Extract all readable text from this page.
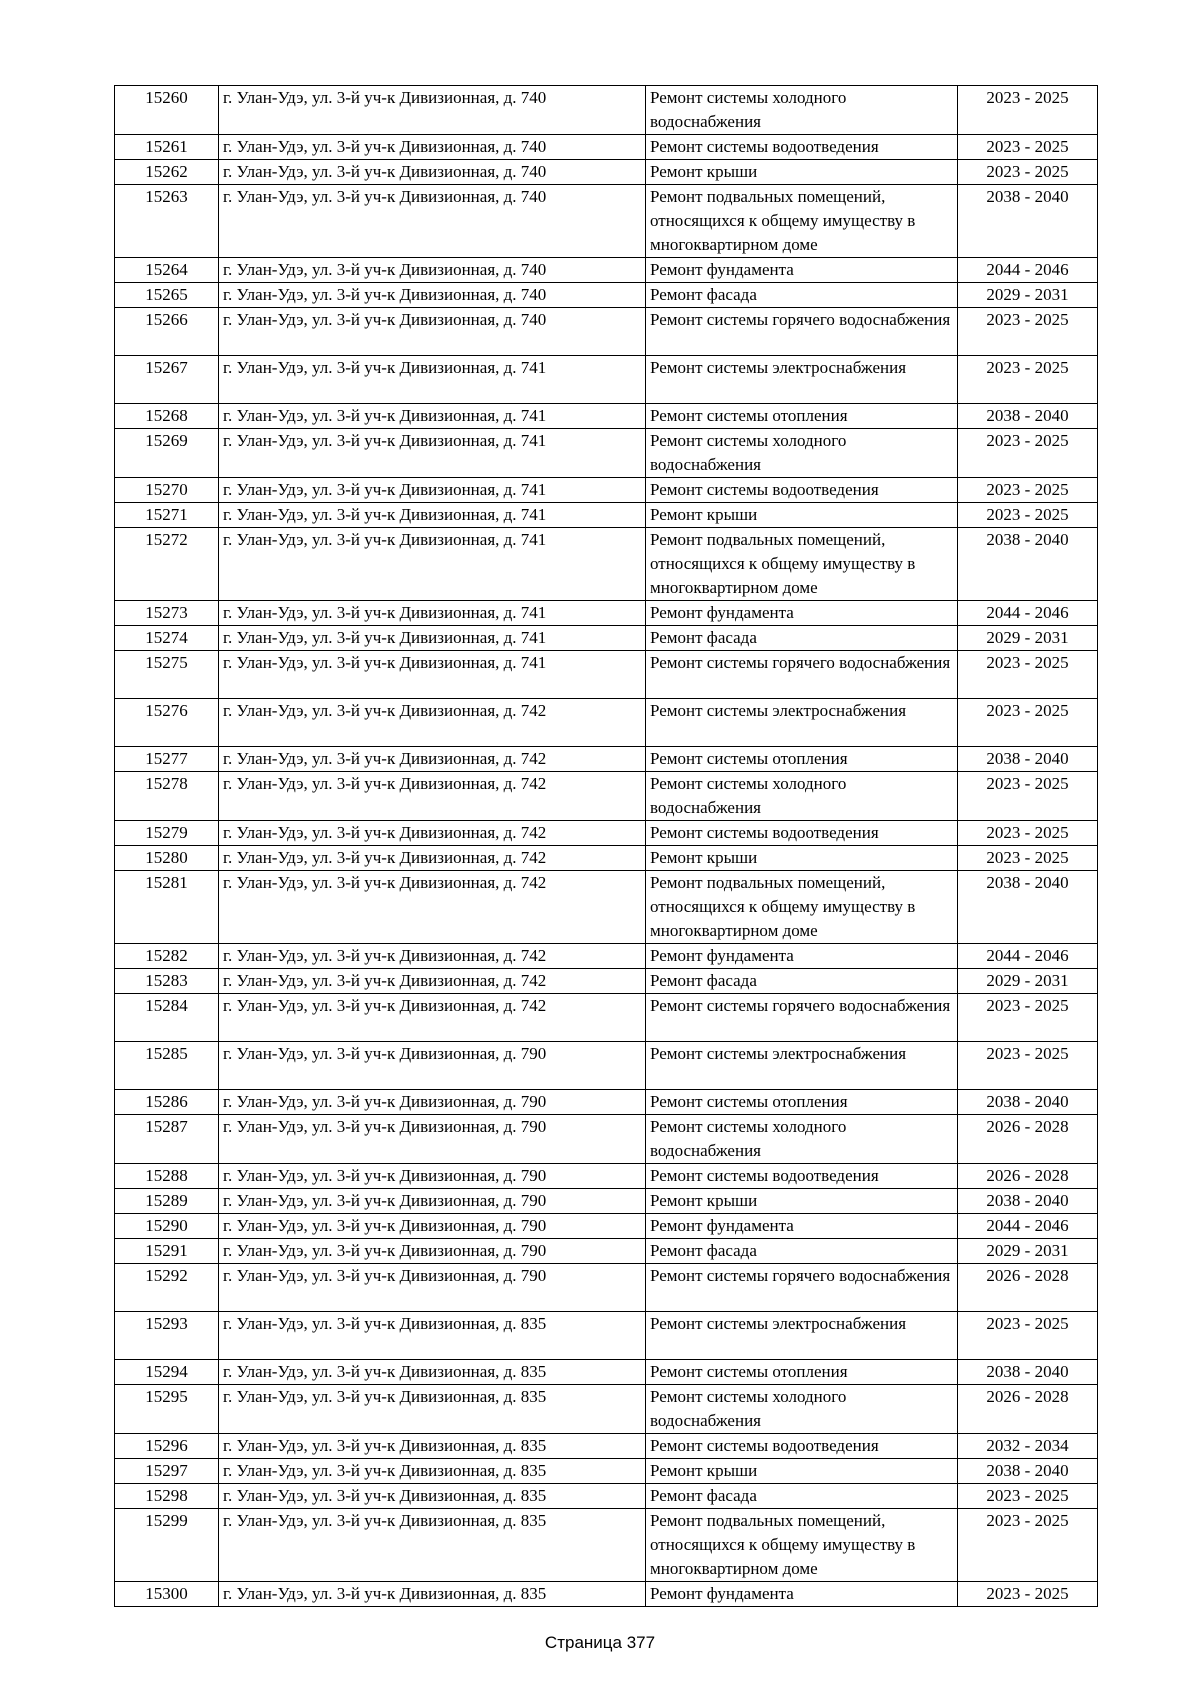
15260	г. Улан-Удэ, ул. 3-й уч-к Дивизионная, д. 740	Ремонт системы холодного водоснабжения	2023 - 2025
15261	г. Улан-Удэ, ул. 3-й уч-к Дивизионная, д. 740	Ремонт системы водоотведения	2023 - 2025
15262	г. Улан-Удэ, ул. 3-й уч-к Дивизионная, д. 740	Ремонт крыши	2023 - 2025
15263	г. Улан-Удэ, ул. 3-й уч-к Дивизионная, д. 740	Ремонт подвальных помещений, относящихся к общему имуществу в многоквартирном доме	2038 - 2040
15264	г. Улан-Удэ, ул. 3-й уч-к Дивизионная, д. 740	Ремонт фундамента	2044 - 2046
15265	г. Улан-Удэ, ул. 3-й уч-к Дивизионная, д. 740	Ремонт фасада	2029 - 2031
15266	г. Улан-Удэ, ул. 3-й уч-к Дивизионная, д. 740	Ремонт системы горячего водоснабжения	2023 - 2025
15267	г. Улан-Удэ, ул. 3-й уч-к Дивизионная, д. 741	Ремонт системы электроснабжения	2023 - 2025
15268	г. Улан-Удэ, ул. 3-й уч-к Дивизионная, д. 741	Ремонт системы отопления	2038 - 2040
15269	г. Улан-Удэ, ул. 3-й уч-к Дивизионная, д. 741	Ремонт системы холодного водоснабжения	2023 - 2025
15270	г. Улан-Удэ, ул. 3-й уч-к Дивизионная, д. 741	Ремонт системы водоотведения	2023 - 2025
15271	г. Улан-Удэ, ул. 3-й уч-к Дивизионная, д. 741	Ремонт крыши	2023 - 2025
15272	г. Улан-Удэ, ул. 3-й уч-к Дивизионная, д. 741	Ремонт подвальных помещений, относящихся к общему имуществу в многоквартирном доме	2038 - 2040
15273	г. Улан-Удэ, ул. 3-й уч-к Дивизионная, д. 741	Ремонт фундамента	2044 - 2046
15274	г. Улан-Удэ, ул. 3-й уч-к Дивизионная, д. 741	Ремонт фасада	2029 - 2031
15275	г. Улан-Удэ, ул. 3-й уч-к Дивизионная, д. 741	Ремонт системы горячего водоснабжения	2023 - 2025
15276	г. Улан-Удэ, ул. 3-й уч-к Дивизионная, д. 742	Ремонт системы электроснабжения	2023 - 2025
15277	г. Улан-Удэ, ул. 3-й уч-к Дивизионная, д. 742	Ремонт системы отопления	2038 - 2040
15278	г. Улан-Удэ, ул. 3-й уч-к Дивизионная, д. 742	Ремонт системы холодного водоснабжения	2023 - 2025
15279	г. Улан-Удэ, ул. 3-й уч-к Дивизионная, д. 742	Ремонт системы водоотведения	2023 - 2025
15280	г. Улан-Удэ, ул. 3-й уч-к Дивизионная, д. 742	Ремонт крыши	2023 - 2025
15281	г. Улан-Удэ, ул. 3-й уч-к Дивизионная, д. 742	Ремонт подвальных помещений, относящихся к общему имуществу в многоквартирном доме	2038 - 2040
15282	г. Улан-Удэ, ул. 3-й уч-к Дивизионная, д. 742	Ремонт фундамента	2044 - 2046
15283	г. Улан-Удэ, ул. 3-й уч-к Дивизионная, д. 742	Ремонт фасада	2029 - 2031
15284	г. Улан-Удэ, ул. 3-й уч-к Дивизионная, д. 742	Ремонт системы горячего водоснабжения	2023 - 2025
15285	г. Улан-Удэ, ул. 3-й уч-к Дивизионная, д. 790	Ремонт системы электроснабжения	2023 - 2025
15286	г. Улан-Удэ, ул. 3-й уч-к Дивизионная, д. 790	Ремонт системы отопления	2038 - 2040
15287	г. Улан-Удэ, ул. 3-й уч-к Дивизионная, д. 790	Ремонт системы холодного водоснабжения	2026 - 2028
15288	г. Улан-Удэ, ул. 3-й уч-к Дивизионная, д. 790	Ремонт системы водоотведения	2026 - 2028
15289	г. Улан-Удэ, ул. 3-й уч-к Дивизионная, д. 790	Ремонт крыши	2038 - 2040
15290	г. Улан-Удэ, ул. 3-й уч-к Дивизионная, д. 790	Ремонт фундамента	2044 - 2046
15291	г. Улан-Удэ, ул. 3-й уч-к Дивизионная, д. 790	Ремонт фасада	2029 - 2031
15292	г. Улан-Удэ, ул. 3-й уч-к Дивизионная, д. 790	Ремонт системы горячего водоснабжения	2026 - 2028
15293	г. Улан-Удэ, ул. 3-й уч-к Дивизионная, д. 835	Ремонт системы электроснабжения	2023 - 2025
15294	г. Улан-Удэ, ул. 3-й уч-к Дивизионная, д. 835	Ремонт системы отопления	2038 - 2040
15295	г. Улан-Удэ, ул. 3-й уч-к Дивизионная, д. 835	Ремонт системы холодного водоснабжения	2026 - 2028
15296	г. Улан-Удэ, ул. 3-й уч-к Дивизионная, д. 835	Ремонт системы водоотведения	2032 - 2034
15297	г. Улан-Удэ, ул. 3-й уч-к Дивизионная, д. 835	Ремонт крыши	2038 - 2040
15298	г. Улан-Удэ, ул. 3-й уч-к Дивизионная, д. 835	Ремонт фасада	2023 - 2025
15299	г. Улан-Удэ, ул. 3-й уч-к Дивизионная, д. 835	Ремонт подвальных помещений, относящихся к общему имуществу в многоквартирном доме	2023 - 2025
15300	г. Улан-Удэ, ул. 3-й уч-к Дивизионная, д. 835	Ремонт фундамента	2023 - 2025
Страница 377
